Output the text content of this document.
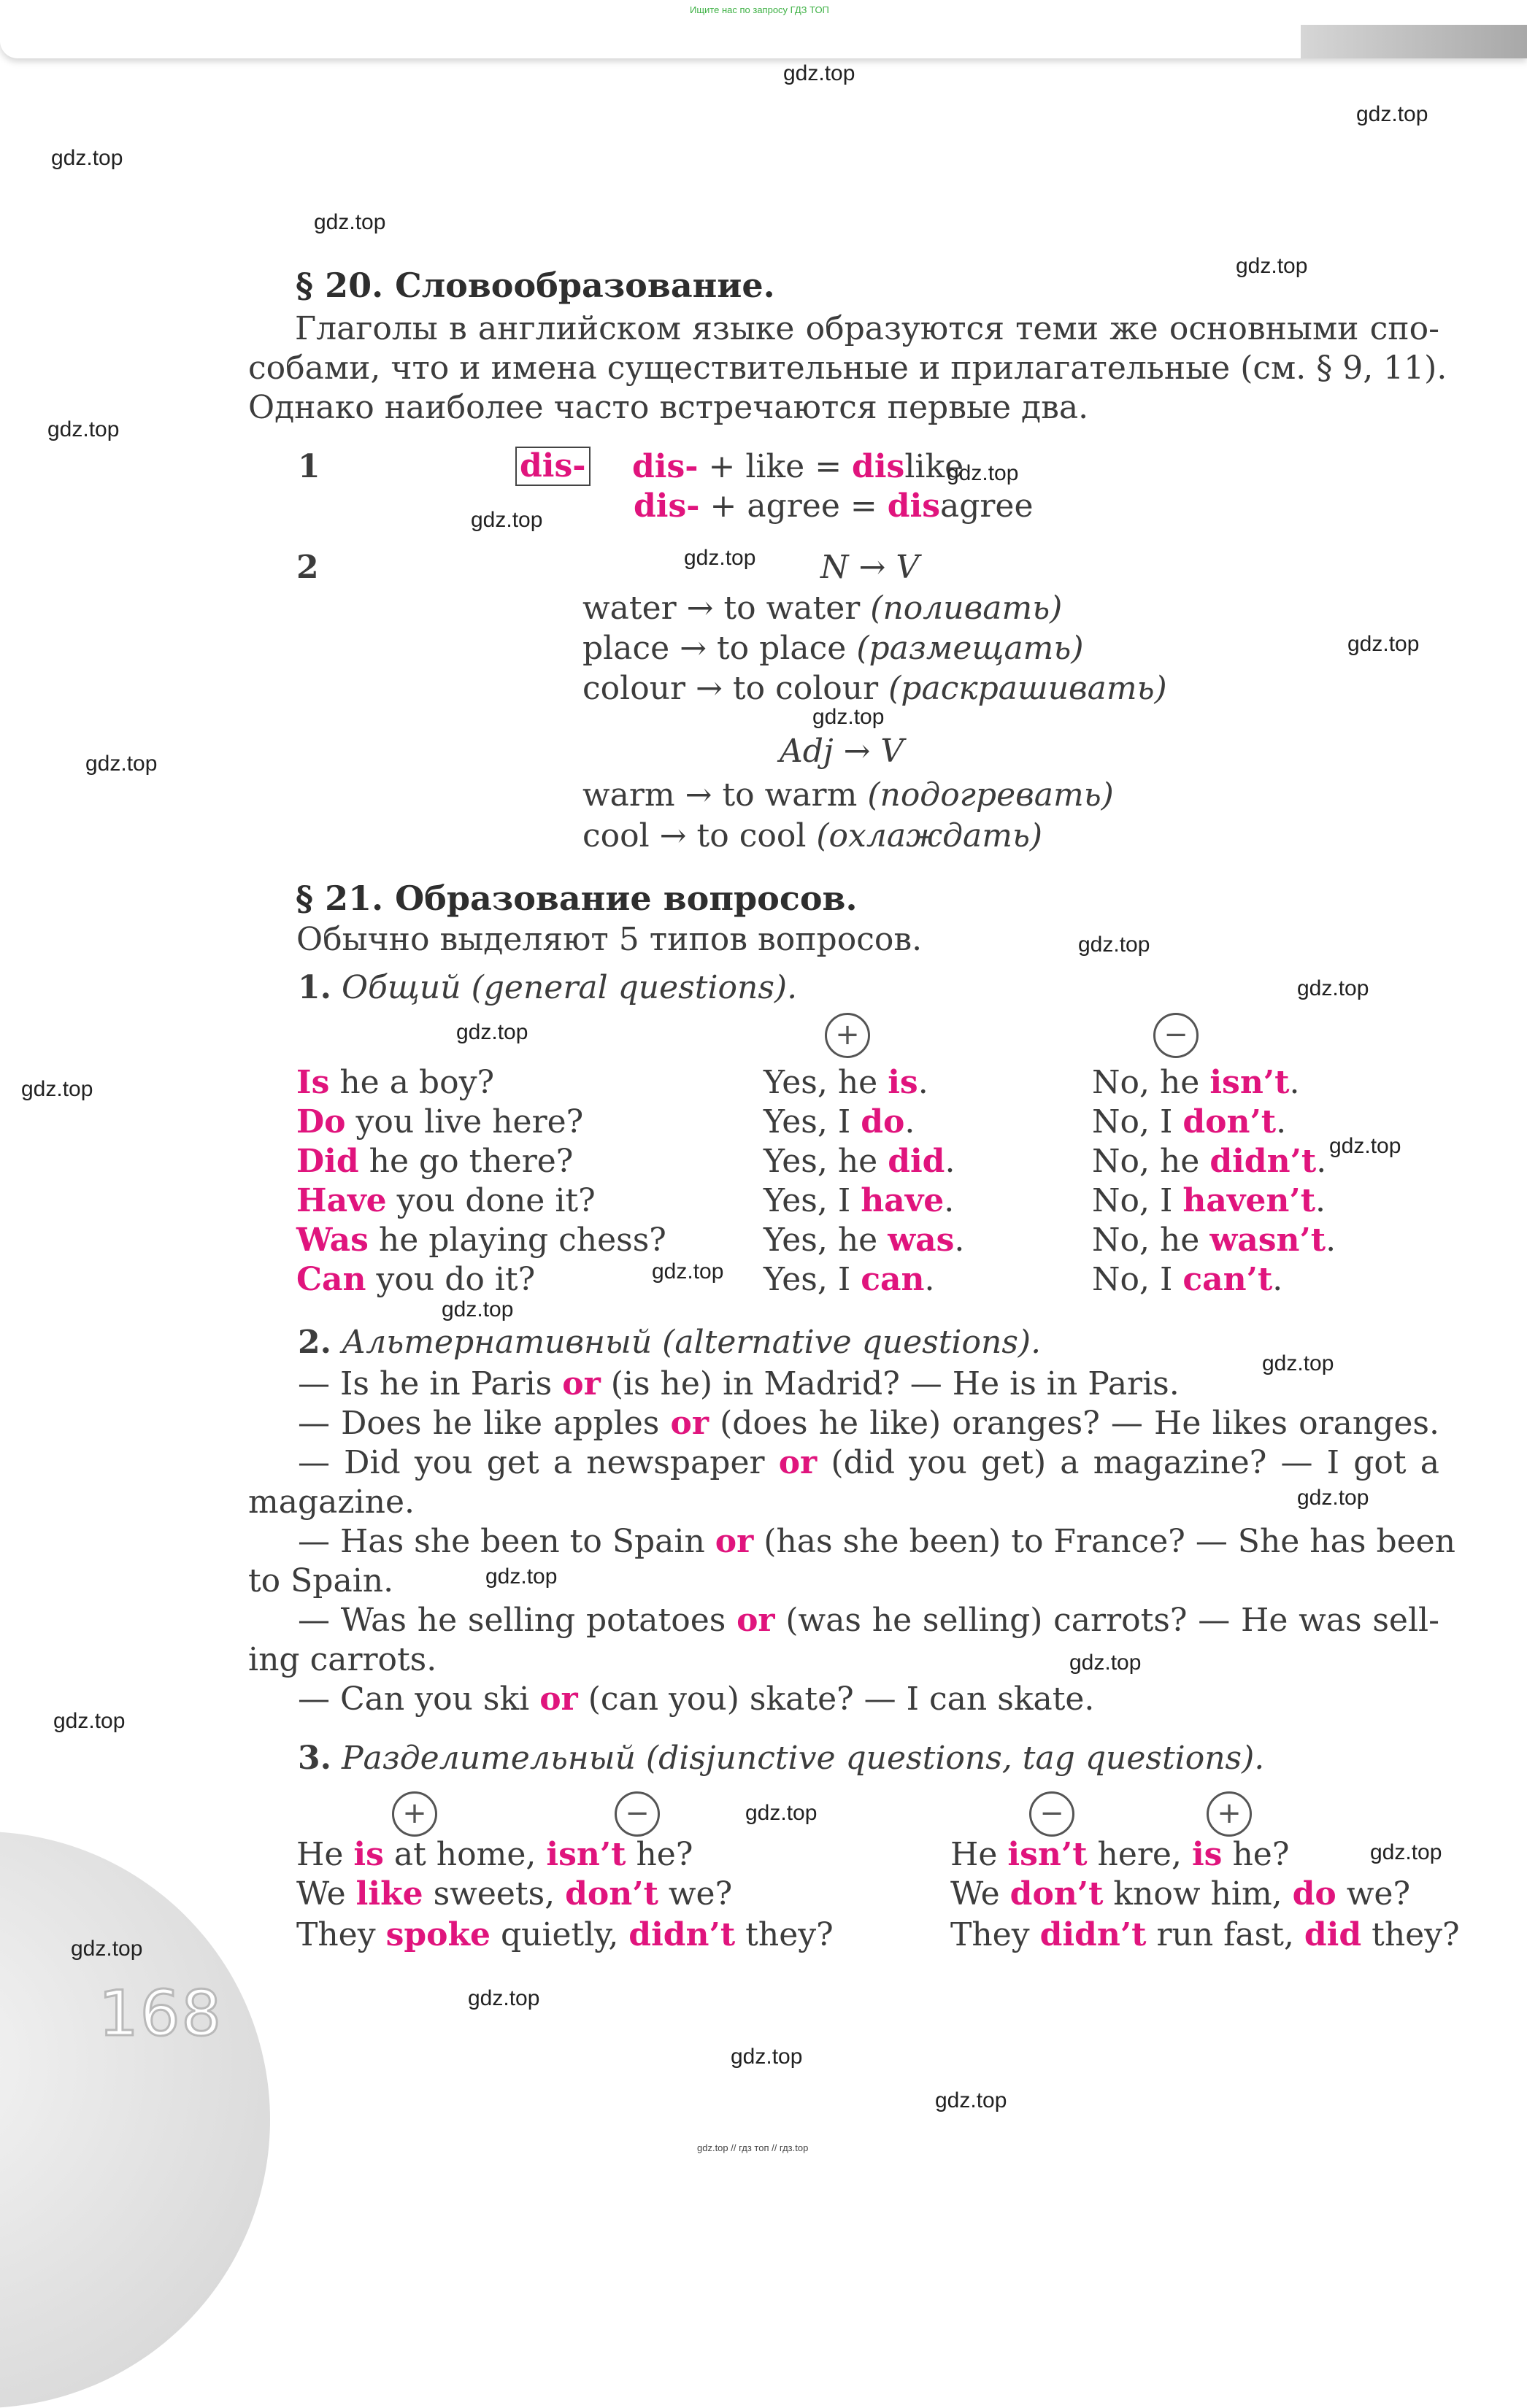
Ищите нас по запросу ГДЗ ТОП
168
§ 20. Словообразование.
Глаголы в английском языке образуются теми же основными спо-
собами, что и имена существительные и прилагательные (см. § 9, 11).
Однако наиболее часто встречаются первые два.
1	dis- dis- + like = dislike
dis- + agree = disagree
2	N → V
water → to water (поливать)
place → to place (размещать)
colour → to colour (раскрашивать)
Adj → V
warm → to warm (подогревать)
cool → to cool (охлаждать)
§ 21. Образование вопросов.
Обычно выделяют 5 типов вопросов.
1. Общий (general questions).
+	−
Is he a boy?	Yes, he is.	No, he isn’t.
Do you live here?	Yes, I do.	No, I don’t.
Did he go there?	Yes, he did.	No, he didn’t.
Have you done it?	Yes, I have.	No, I haven’t.
Was he playing chess?	Yes, he was.	No, he wasn’t.
Can you do it?	Yes, I can.	No, I can’t.
2. Альтернативный (alternative questions).
— Is he in Paris or (is he) in Madrid? — He is in Paris.
— Does he like apples or (does he like) oranges? — He likes oranges.
— Did you get a newspaper or (did you get) a magazine? — I got a
magazine.
— Has she been to Spain or (has she been) to France? — She has been
to Spain.
— Was he selling potatoes or (was he selling) carrots? — He was sell-
ing carrots.
— Can you ski or (can you) skate? — I can skate.
3. Разделительный (disjunctive questions, tag questions).
+	−	−	+
He is at home, isn’t he?
We like sweets, don’t we?
They spoke quietly, didn’t they?
He isn’t here, is he?
We don’t know him, do we?
They didn’t run fast, did they?
gdz.top
gdz.top
gdz.top
gdz.top
gdz.top
gdz.top
gdz.top
gdz.top
gdz.top
gdz.top
gdz.top
gdz.top
gdz.top
gdz.top
gdz.top
gdz.top
gdz.top
gdz.top
gdz.top
gdz.top
gdz.top
gdz.top
gdz.top
gdz.top
gdz.top
gdz.top
gdz.top
gdz.top
gdz.top
gdz.top
gdz.top // гдз топ // гдз.top
